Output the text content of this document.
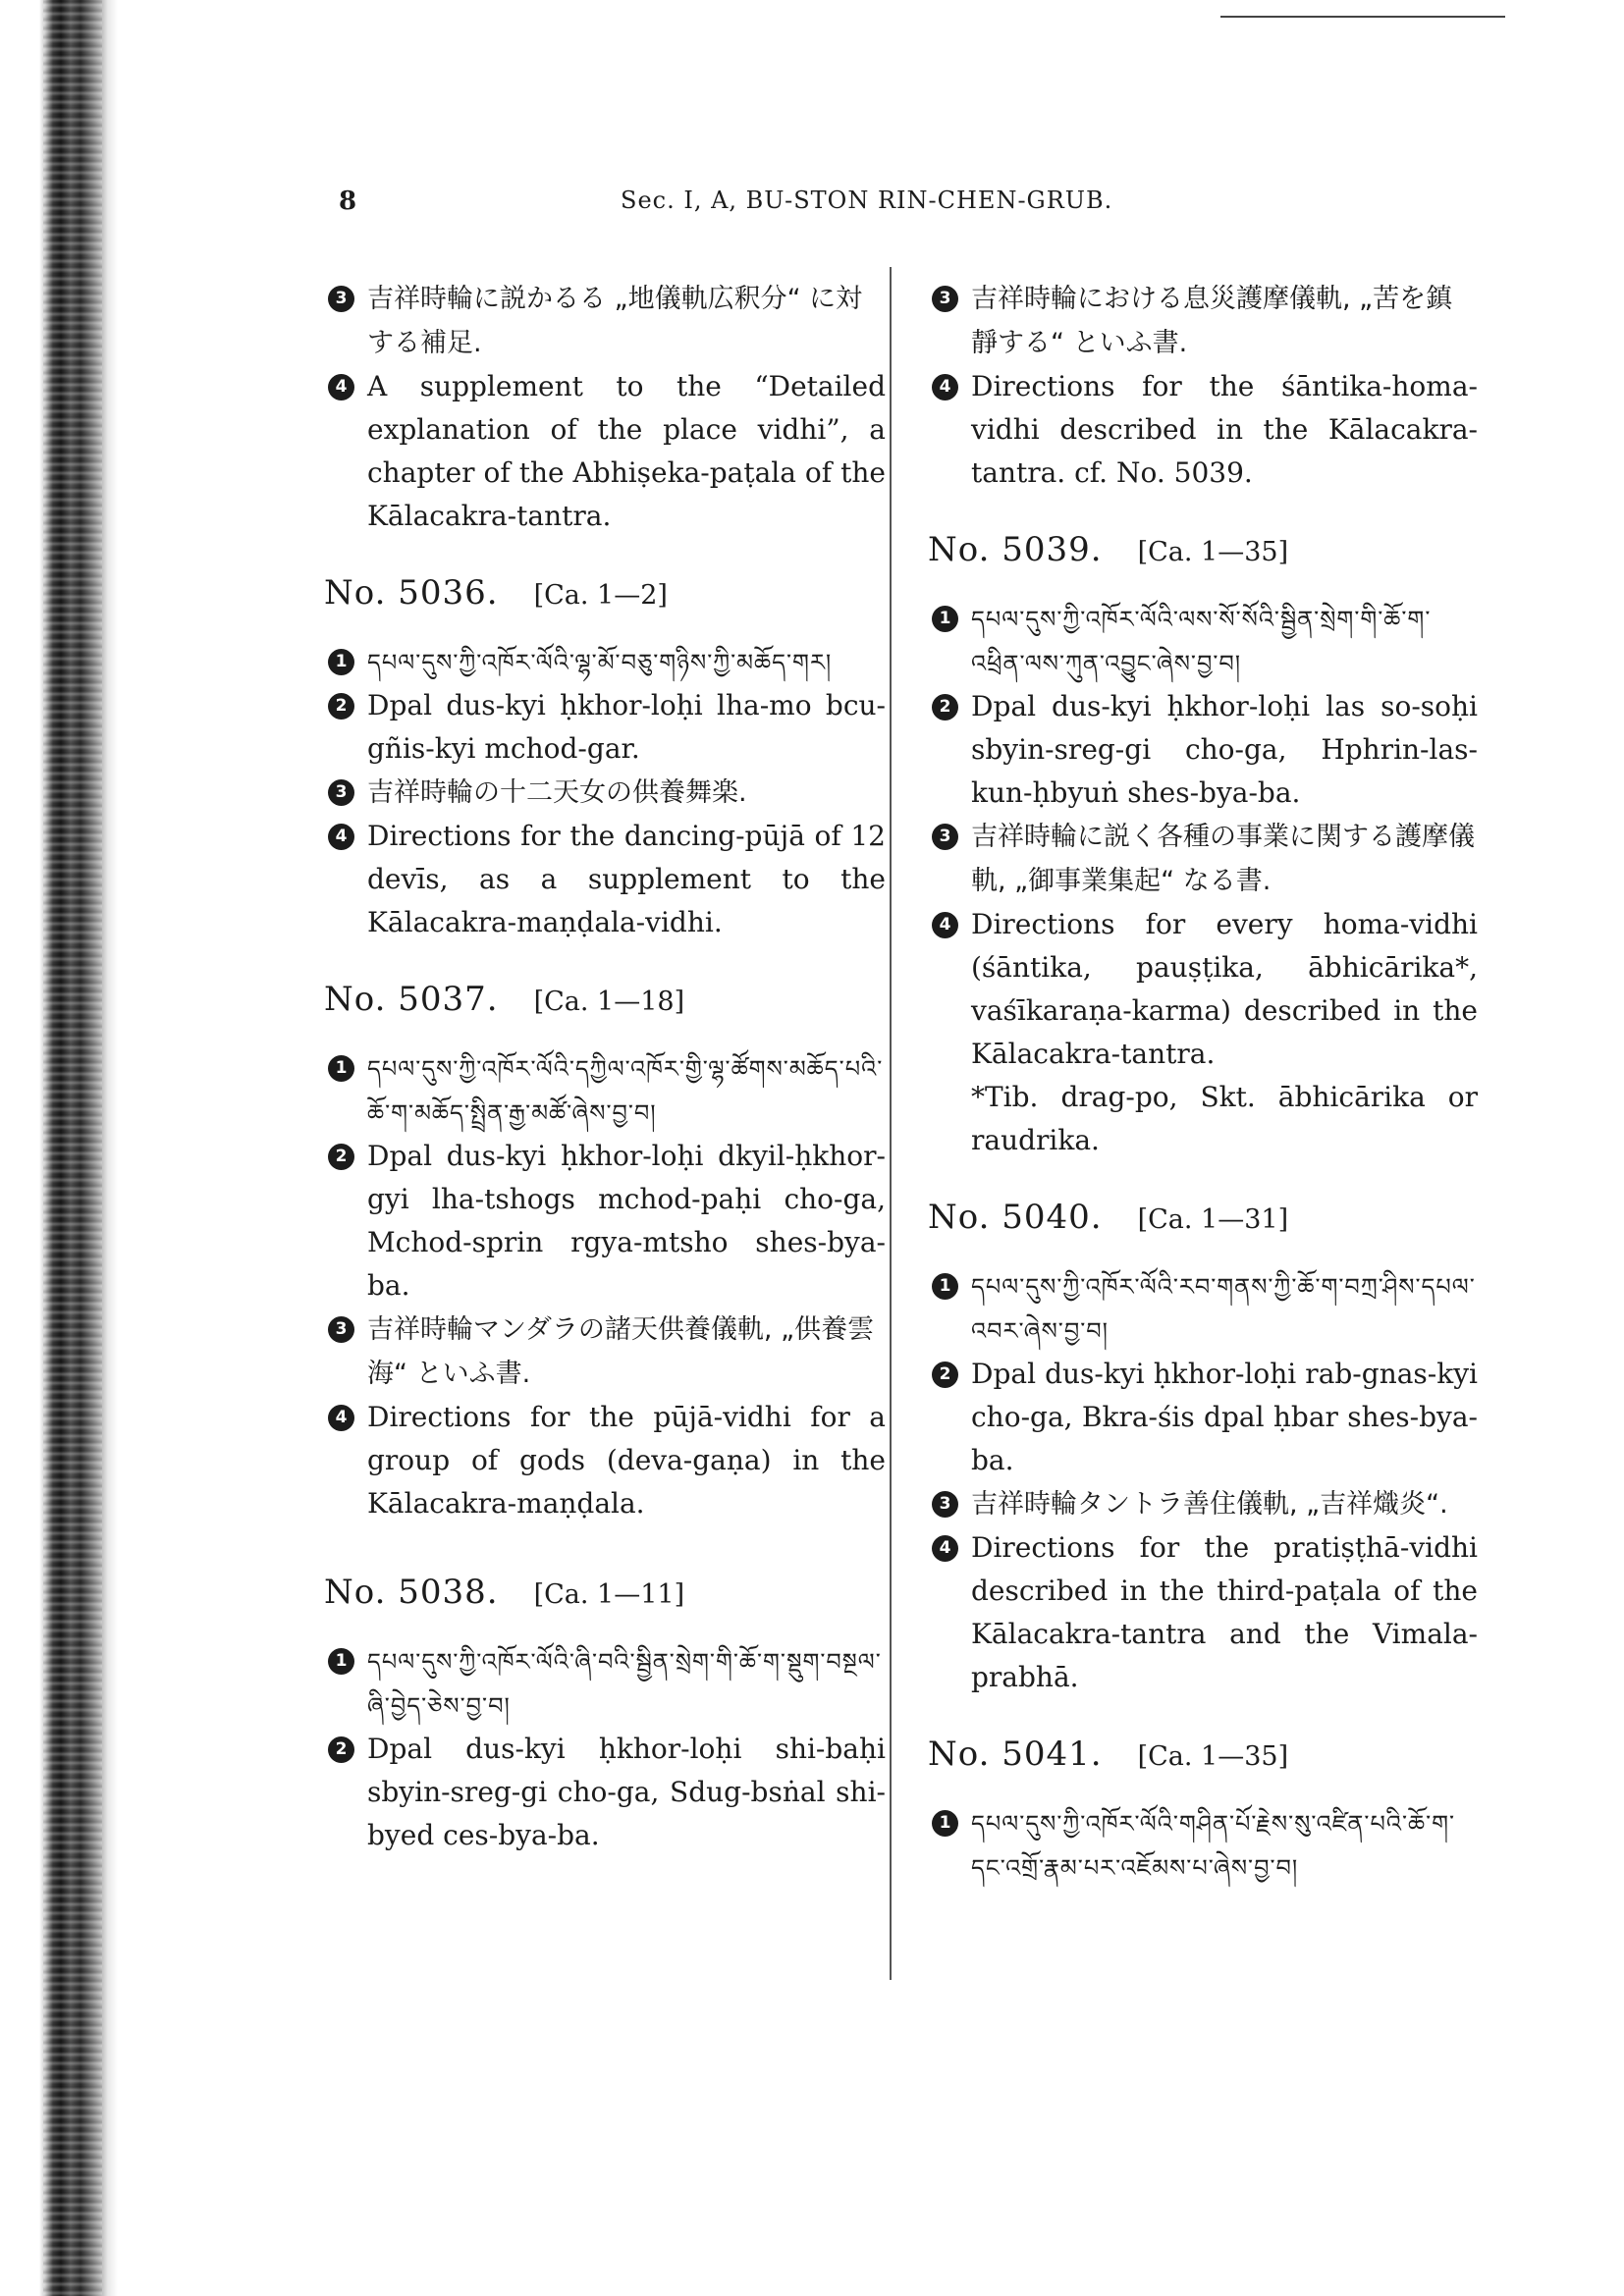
8	Sec. I, A, BU-STON RIN-CHEN-GRUB.
3 吉祥時輪に説かるる „地儀軌広釈分“ に対する補足.
4 A supplement to the “Detailed explanation of the place vidhi”, a chapter of the Abhiṣeka-paṭala of the Kālacakra-tantra.
No. 5036. [Ca. 1—2]
1 དཔལ་དུས་ཀྱི་འཁོར་ལོའི་ལྷ་མོ་བཅུ་གཉིས་ཀྱི་མཆོད་གར།
2 Dpal dus-kyi ḥkhor-loḥi lha-mo bcu-gñis-kyi mchod-gar.
3 吉祥時輪の十二天女の供養舞楽.
4 Directions for the dancing-pūjā of 12 devīs, as a supplement to the Kālacakra-maṇḍala-vidhi.
No. 5037. [Ca. 1—18]
1 དཔལ་དུས་ཀྱི་འཁོར་ལོའི་དཀྱིལ་འཁོར་གྱི་ལྷ་ཚོགས་མཆོད་པའི་ཆོ་ག་མཆོད་སྤྲིན་རྒྱ་མཚོ་ཞེས་བྱ་བ།
2 Dpal dus-kyi ḥkhor-loḥi dkyil-ḥkhor-gyi lha-tshogs mchod-paḥi cho-ga, Mchod-sprin rgya-mtsho shes-bya-ba.
3 吉祥時輪マンダラの諸天供養儀軌, „供養雲海“ といふ書.
4 Directions for the pūjā-vidhi for a group of gods (deva-gaṇa) in the Kālacakra-maṇḍala.
No. 5038. [Ca. 1—11]
1 དཔལ་དུས་ཀྱི་འཁོར་ལོའི་ཞི་བའི་སྦྱིན་སྲེག་གི་ཆོ་ག་སྡུག་བསྔལ་ཞི་བྱེད་ཅེས་བྱ་བ།
2 Dpal dus-kyi ḥkhor-loḥi shi-baḥi sbyin-sreg-gi cho-ga, Sdug-bsṅal shi-byed ces-bya-ba.
3 吉祥時輪における息災護摩儀軌, „苦を鎮靜する“ といふ書.
4 Directions for the śāntika-homa-vidhi described in the Kālacakra-tantra. cf. No. 5039.
No. 5039. [Ca. 1—35]
1 དཔལ་དུས་ཀྱི་འཁོར་ལོའི་ལས་སོ་སོའི་སྦྱིན་སྲེག་གི་ཆོ་ག་འཕྲིན་ལས་ཀུན་འབྱུང་ཞེས་བྱ་བ།
2 Dpal dus-kyi ḥkhor-loḥi las so-soḥi sbyin-sreg-gi cho-ga, Hphrin-las-kun-ḥbyuṅ shes-bya-ba.
3 吉祥時輪に説く各種の事業に関する護摩儀軌, „御事業集起“ なる書.
4 Directions for every homa-vidhi (śāntika, pauṣṭika, ābhicārika*, vaśīkaraṇa-karma) described in the Kālacakra-tantra.
*Tib. drag-po, Skt. ābhicārika or raudrika.
No. 5040. [Ca. 1—31]
1 དཔལ་དུས་ཀྱི་འཁོར་ལོའི་རབ་གནས་ཀྱི་ཆོ་ག་བཀྲ་ཤིས་དཔལ་འབར་ཞེས་བྱ་བ།
2 Dpal dus-kyi ḥkhor-loḥi rab-gnas-kyi cho-ga, Bkra-śis dpal ḥbar shes-bya-ba.
3 吉祥時輪タントラ善住儀軌, „吉祥熾炎“.
4 Directions for the pratiṣṭhā-vidhi described in the third-paṭala of the Kālacakra-tantra and the Vimala-prabhā.
No. 5041. [Ca. 1—35]
1 དཔལ་དུས་ཀྱི་འཁོར་ལོའི་གཤིན་པོ་རྗེས་སུ་འཛིན་པའི་ཆོ་ག་དང་འགྲོ་རྣམ་པར་འཇོམས་པ་ཞེས་བྱ་བ།
